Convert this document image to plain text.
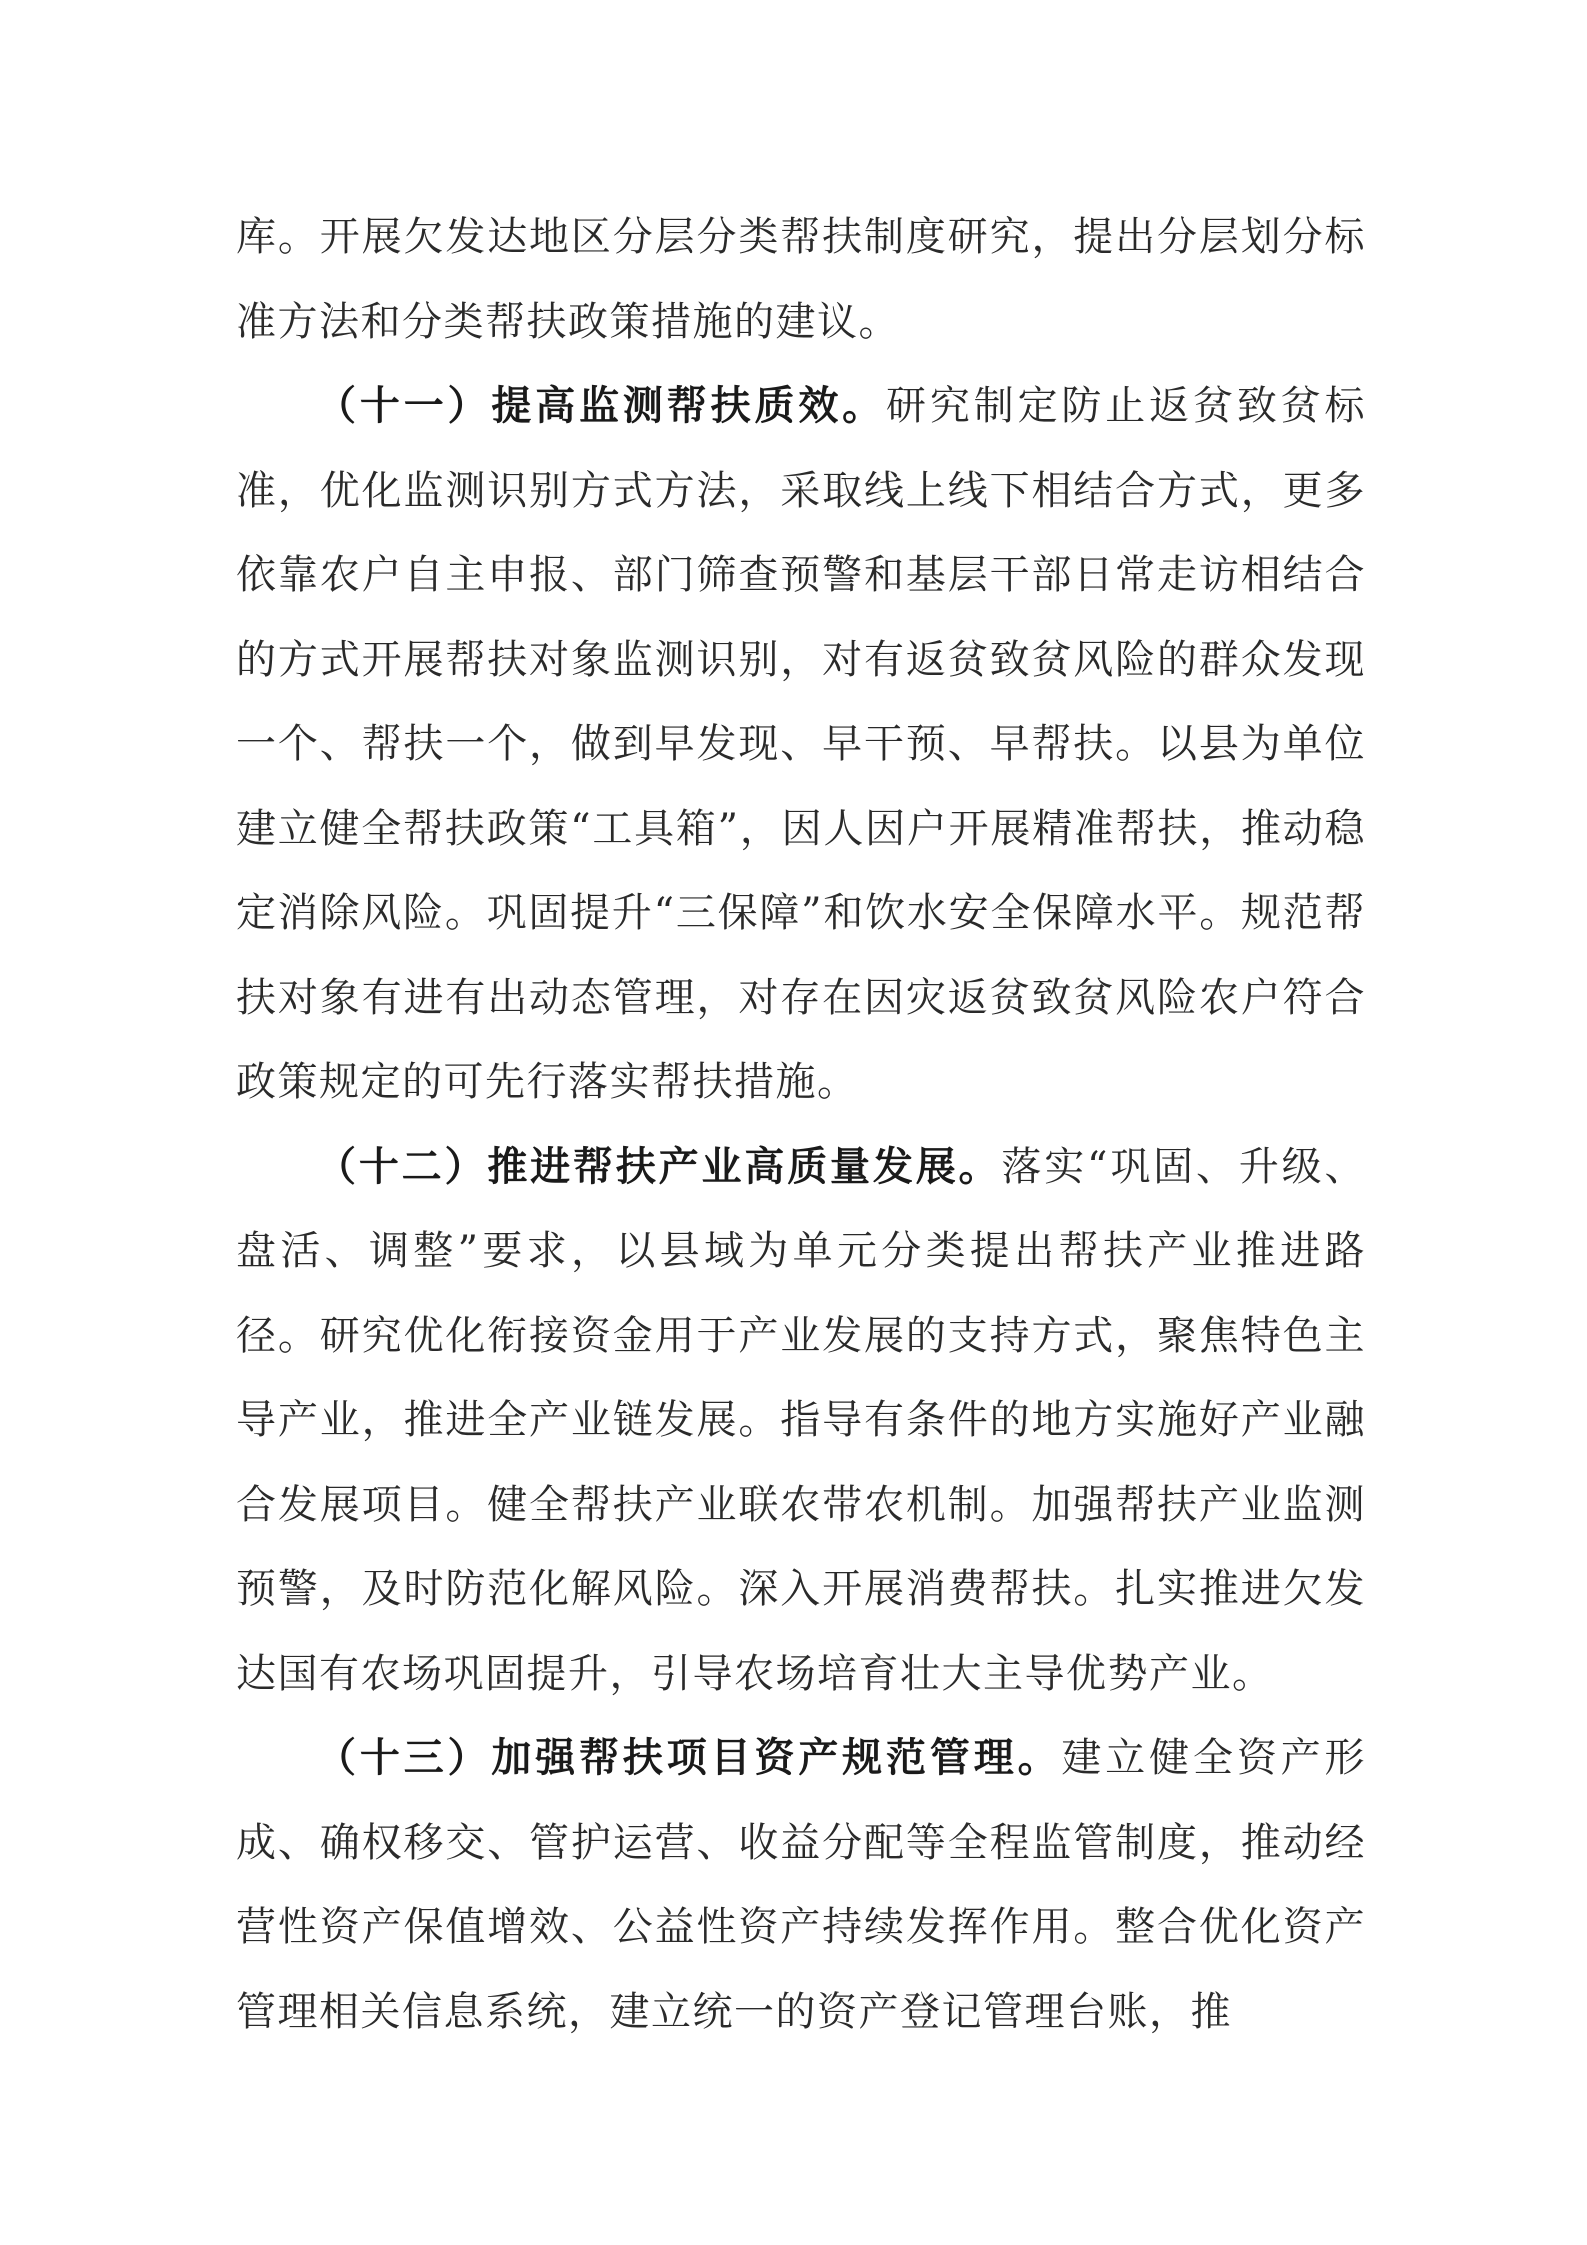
库。开展欠发达地区分层分类帮扶制度研究，提出分层划分标准方法和分类帮扶政策措施的建议。

（十一）提高监测帮扶质效。研究制定防止返贫致贫标准，优化监测识别方式方法，采取线上线下相结合方式，更多依靠农户自主申报、部门筛查预警和基层干部日常走访相结合的方式开展帮扶对象监测识别，对有返贫致贫风险的群众发现一个、帮扶一个，做到早发现、早干预、早帮扶。以县为单位建立健全帮扶政策“工具箱”，因人因户开展精准帮扶，推动稳定消除风险。巩固提升“三保障”和饮水安全保障水平。规范帮扶对象有进有出动态管理，对存在因灾返贫致贫风险农户符合政策规定的可先行落实帮扶措施。

（十二）推进帮扶产业高质量发展。落实“巩固、升级、盘活、调整”要求，以县域为单元分类提出帮扶产业推进路径。研究优化衔接资金用于产业发展的支持方式，聚焦特色主导产业，推进全产业链发展。指导有条件的地方实施好产业融合发展项目。健全帮扶产业联农带农机制。加强帮扶产业监测预警，及时防范化解风险。深入开展消费帮扶。扎实推进欠发达国有农场巩固提升，引导农场培育壮大主导优势产业。

（十三）加强帮扶项目资产规范管理。建立健全资产形成、确权移交、管护运营、收益分配等全程监管制度，推动经营性资产保值增效、公益性资产持续发挥作用。整合优化资产管理相关信息系统，建立统一的资产登记管理台账，推
